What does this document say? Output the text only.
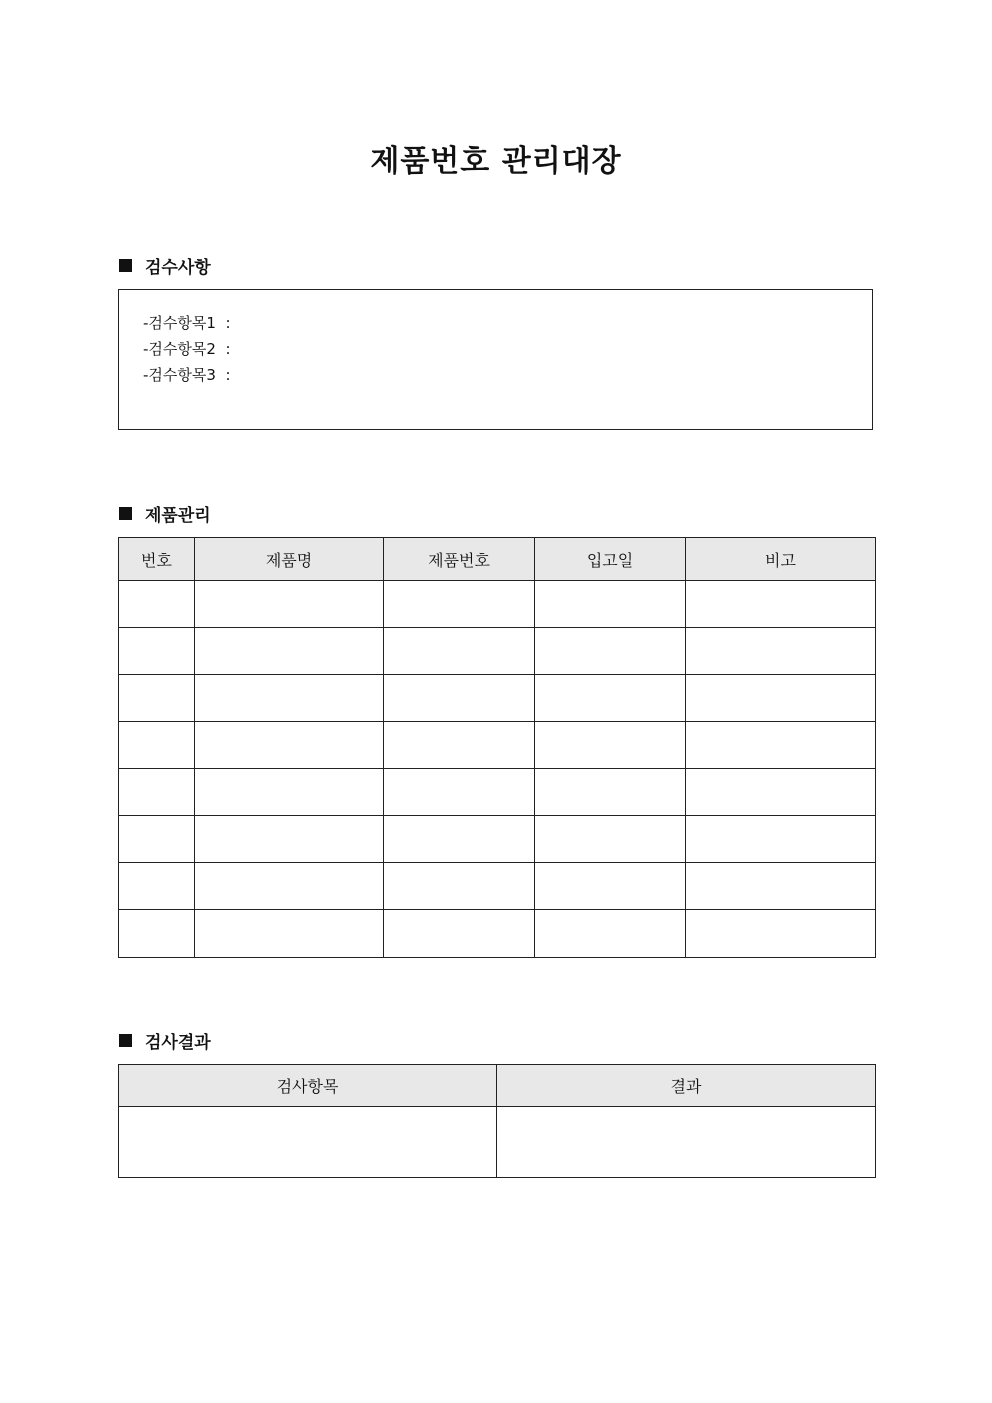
제품번호 관리대장
검수사항
-검수항목1  :
-검수항목2  :
-검수항목3  :
제품관리
번호	제품명	제품번호	입고일	비고

검사결과
검사항목	결과
